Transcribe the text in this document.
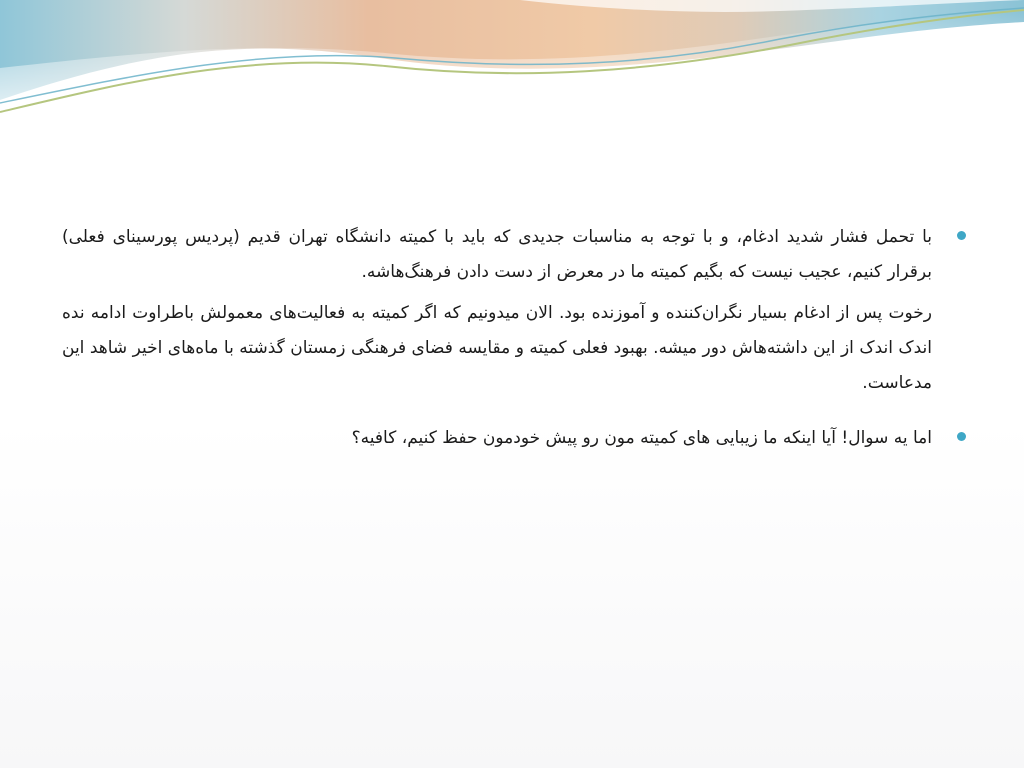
با تحمل فشار شدید ادغام، و با توجه به مناسبات جدیدی که باید با کمیته دانشگاه تهران قدیم (پردیس پورسینای فعلی) برقرار کنیم، عجیب نیست که بگیم کمیته ما در معرض از دست دادن فرهنگ‌هاشه.

رخوت پس از ادغام بسیار نگران‌کننده و آموزنده بود. الان میدونیم که اگر کمیته به فعالیت‌های معمولش باطراوت ادامه نده اندک اندک از این داشته‌هاش دور میشه. بهبود فعلی کمیته و مقایسه فضای فرهنگی زمستان گذشته با ماه‌های اخیر شاهد این مدعاست.

اما یه سوال! آیا اینکه ما زیبایی های کمیته مون رو پیش خودمون حفظ کنیم، کافیه؟
